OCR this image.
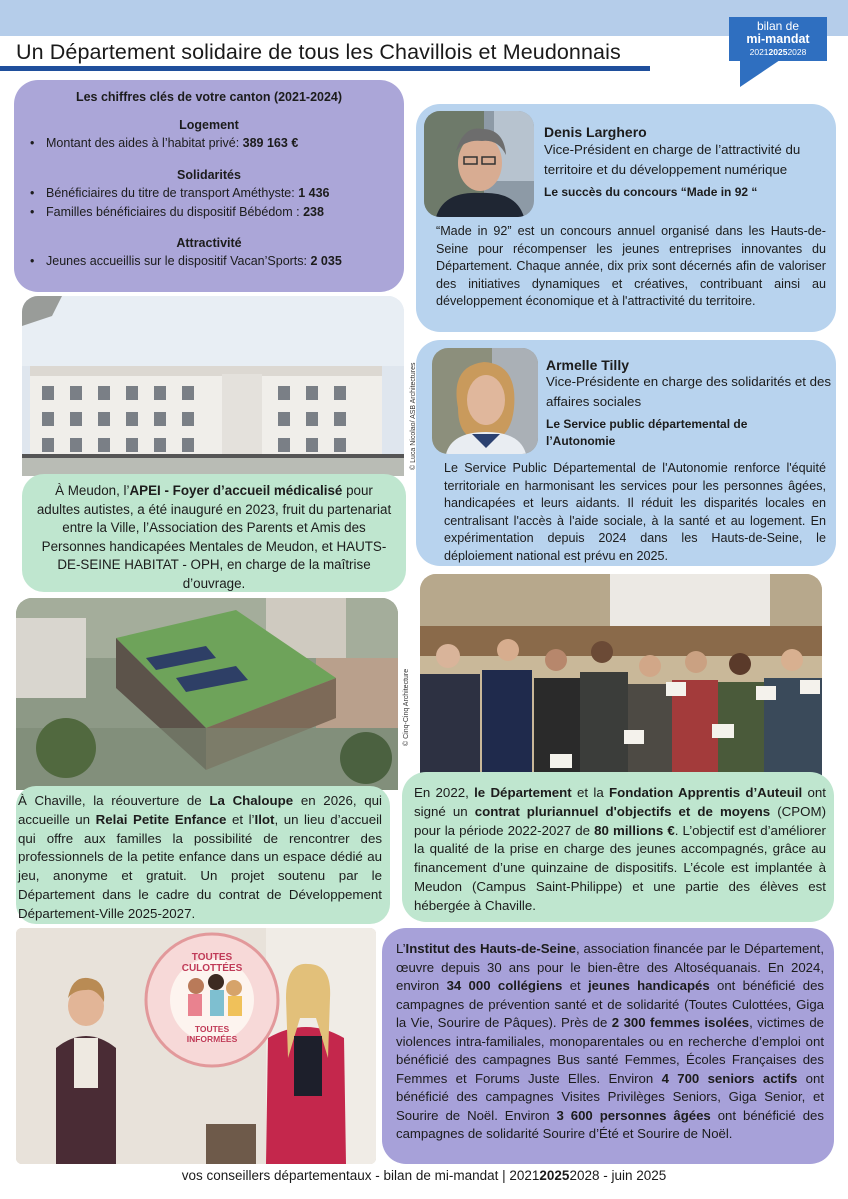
Un Département solidaire de tous les Chavillois et Meudonnais
bilan de
mi-mandat
202120252028
Les chiffres clés de votre canton (2021-2024)
Logement
• Montant des aides à l’habitat privé: 389 163 €
Solidarités
• Bénéficiaires du titre de transport Améthyste: 1 436
• Familles bénéficiaires du dispositif Bébédom : 238
Attractivité
• Jeunes accueillis sur le dispositif Vacan’Sports: 2 035
Denis Larghero
Vice-Président en charge de l’attractivité du territoire et du développement numérique
Le succès du concours “Made in 92 “
“Made in 92” est un concours annuel organisé dans les Hauts-de-Seine pour récompenser les jeunes entreprises innovantes du Département. Chaque année, dix prix sont décernés afin de valoriser des initiatives dynamiques et créatives, contribuant ainsi au développement économique et à l'attractivité du territoire.
Armelle Tilly
Vice-Présidente en charge des solidarités et des affaires sociales
Le Service public départemental de l’Autonomie
Le Service Public Départemental de l'Autonomie renforce l'équité territoriale en harmonisant les services pour les personnes âgées, handicapées et leurs aidants. Il réduit les disparités locales en centralisant l'accès à l'aide sociale, à la santé et au logement. En expérimentation depuis 2024 dans les Hauts-de-Seine, le déploiement national est prévu en 2025.
© Luca Nicolao/ ASB Architectures
À Meudon, l’APEI - Foyer d’accueil médicalisé pour adultes autistes, a été inauguré en 2023, fruit du partenariat entre la Ville, l’Association des Parents et Amis des Personnes handicapées Mentales de Meudon, et HAUTS-DE-SEINE HABITAT - OPH, en charge de la maîtrise d’ouvrage.
© Cinq-Cinq Architecture
À Chaville, la réouverture de La Chaloupe en 2026, qui accueille un Relai Petite Enfance et l’Ilot, un lieu d’accueil qui offre aux familles la possibilité de rencontrer des professionnels de la petite enfance dans un espace dédié au jeu, anonyme et gratuit. Un projet soutenu par le Département dans le cadre du contrat de Développement Département-Ville 2025-2027.
En 2022, le Département et la Fondation Apprentis d’Auteuil ont signé un contrat pluriannuel d'objectifs et de moyens (CPOM) pour la période 2022-2027 de 80 millions €. L’objectif est d’améliorer la qualité de la prise en charge des jeunes accompagnés, grâce au financement d’une quinzaine de dispositifs. L’école est implantée à Meudon (Campus Saint-Philippe) et une partie des élèves est hébergée à Chaville.
TOUTES CULOTTÉES
TOUTES INFORMÉES
L’Institut des Hauts-de-Seine, association financée par le Département, œuvre depuis 30 ans pour le bien-être des Altoséquanais. En 2024, environ 34 000 collégiens et jeunes handicapés ont bénéficié des campagnes de prévention santé et de solidarité (Toutes Culottées, Giga la Vie, Sourire de Pâques). Près de 2 300 femmes isolées, victimes de violences intra-familiales, monoparentales ou en recherche d’emploi ont bénéficié des campagnes Bus santé Femmes, Écoles Françaises des Femmes et Forums Juste Elles. Environ 4 700 seniors actifs ont bénéficié des campagnes Visites Privilèges Seniors, Giga Senior, et Sourire de Noël. Environ 3 600 personnes âgées ont bénéficié des campagnes de solidarité Sourire d’Été et Sourire de Noël.
vos conseillers départementaux - bilan de mi-mandat | 202120252028 - juin 2025
